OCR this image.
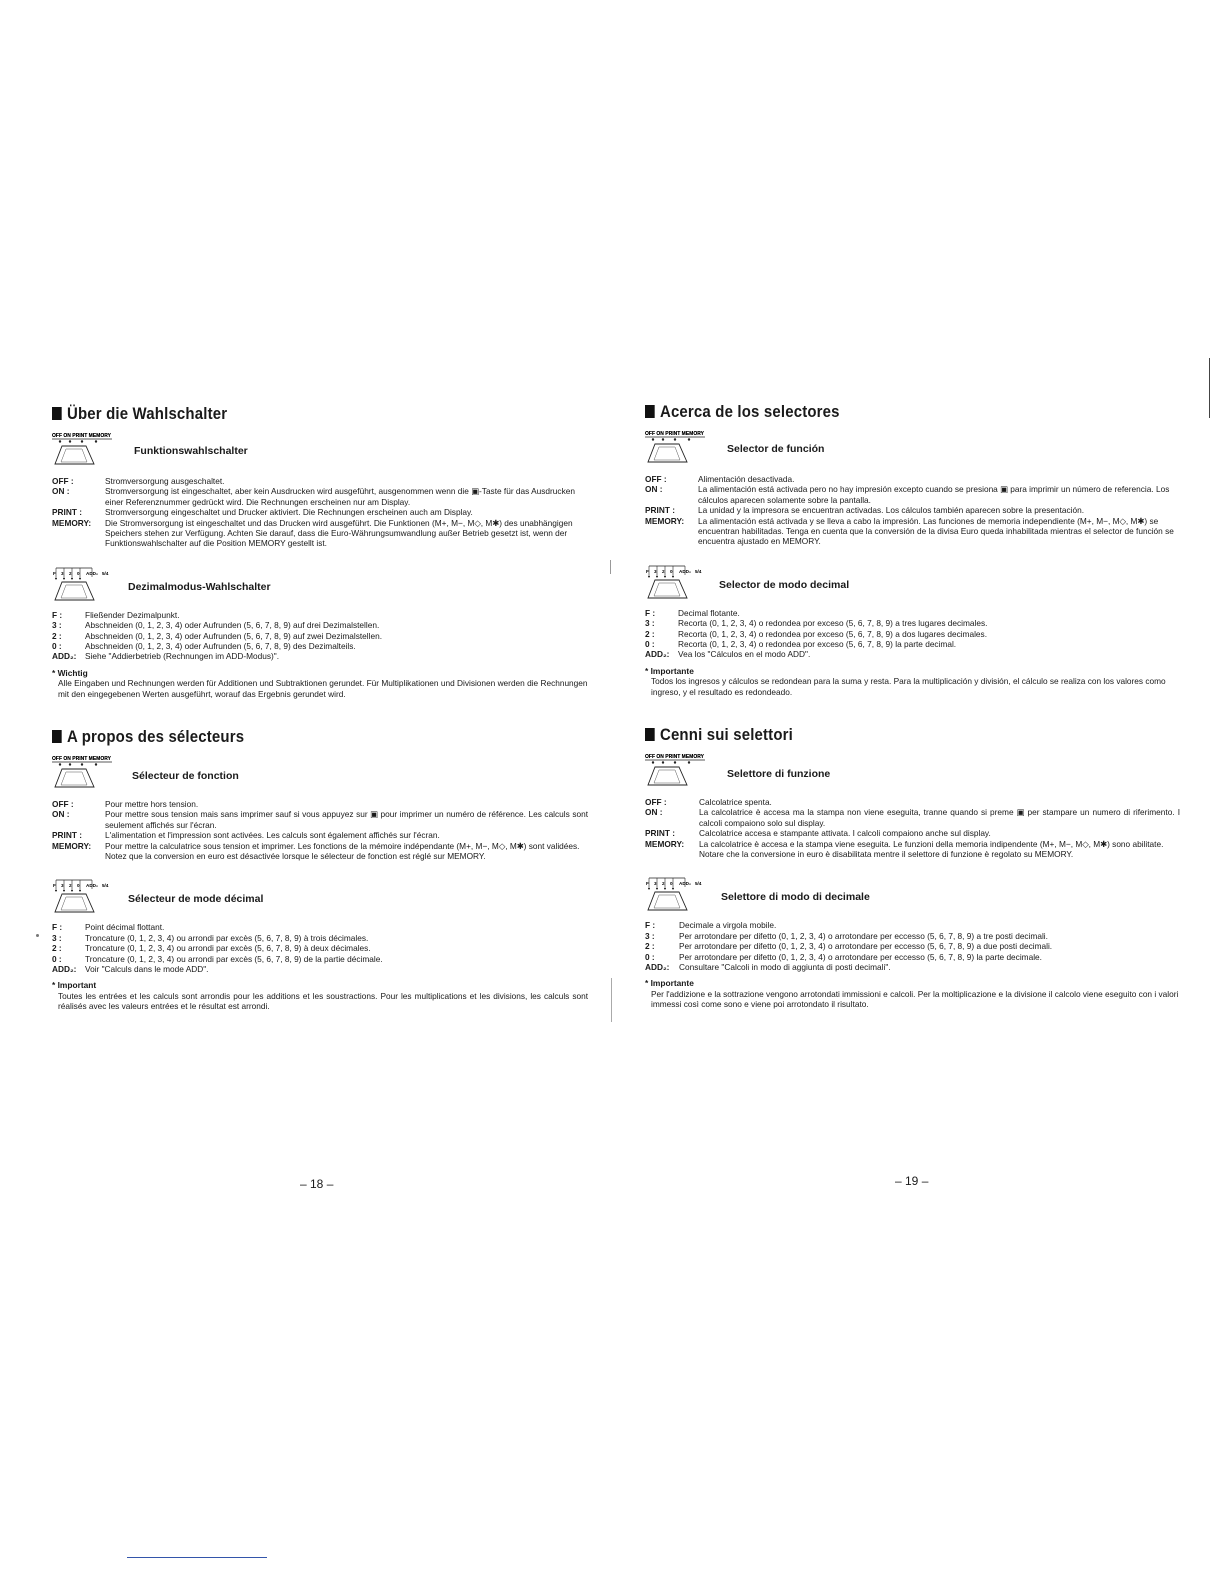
Über die Wahlschalter
OFF ON PRINT MEMORY
Funktionswahlschalter
OFF :	Stromversorgung ausgeschaltet.
ON :	Stromversorgung ist eingeschaltet, aber kein Ausdrucken wird ausgeführt, ausgenommen wenn die ▣-Taste für das Ausdrucken einer Referenznummer gedrückt wird. Die Rechnungen erscheinen nur am Display.
PRINT :	Stromversorgung eingeschaltet und Drucker aktiviert. Die Rechnungen erscheinen auch am Display.
MEMORY:	Die Stromversorgung ist eingeschaltet und das Drucken wird ausgeführt. Die Funktionen (M+, M−, M◇, M✱) des unabhängigen Speichers stehen zur Verfügung. Achten Sie darauf, dass die Euro-Währungsumwandlung außer Betrieb gesetzt ist, wenn der Funktionswahlschalter auf die Position MEMORY gestellt ist.
F 3 2 0 ADD₂ 5/4
Dezimalmodus-Wahlschalter
F :	Fließender Dezimalpunkt.
3 :	Abschneiden (0, 1, 2, 3, 4) oder Aufrunden (5, 6, 7, 8, 9) auf drei Dezimalstellen.
2 :	Abschneiden (0, 1, 2, 3, 4) oder Aufrunden (5, 6, 7, 8, 9) auf zwei Dezimalstellen.
0 :	Abschneiden (0, 1, 2, 3, 4) oder Aufrunden (5, 6, 7, 8, 9) des Dezimalteils.
ADD₂:	Siehe "Addierbetrieb (Rechnungen im ADD-Modus)".
* Wichtig
Alle Eingaben und Rechnungen werden für Additionen und Subtraktionen gerundet. Für Multiplikationen und Divisionen werden die Rechnungen mit den eingegebenen Werten ausgeführt, worauf das Ergebnis gerundet wird.
Acerca de los selectores
OFF ON PRINT MEMORY
Selector de función
OFF :	Alimentación desactivada.
ON :	La alimentación está activada pero no hay impresión excepto cuando se presiona ▣ para imprimir un número de referencia. Los cálculos aparecen solamente sobre la pantalla.
PRINT :	La unidad y la impresora se encuentran activadas. Los cálculos también aparecen sobre la presentación.
MEMORY:	La alimentación está activada y se lleva a cabo la impresión. Las funciones de memoria independiente (M+, M−, M◇, M✱) se encuentran habilitadas. Tenga en cuenta que la conversión de la divisa Euro queda inhabilitada mientras el selector de función se encuentra ajustado en MEMORY.
F 3 2 0 ADD₂ 5/4
Selector de modo decimal
F :	Decimal flotante.
3 :	Recorta (0, 1, 2, 3, 4) o redondea por exceso (5, 6, 7, 8, 9) a tres lugares decimales.
2 :	Recorta (0, 1, 2, 3, 4) o redondea por exceso (5, 6, 7, 8, 9) a dos lugares decimales.
0 :	Recorta (0, 1, 2, 3, 4) o redondea por exceso (5, 6, 7, 8, 9) la parte decimal.
ADD₂:	Vea los "Cálculos en el modo ADD".
* Importante
Todos los ingresos y cálculos se redondean para la suma y resta. Para la multiplicación y división, el cálculo se realiza con los valores como ingreso, y el resultado es redondeado.
A propos des sélecteurs
OFF ON PRINT MEMORY
Sélecteur de fonction
OFF :	Pour mettre hors tension.
ON :	Pour mettre sous tension mais sans imprimer sauf si vous appuyez sur ▣ pour imprimer un numéro de référence. Les calculs sont seulement affichés sur l'écran.
PRINT :	L'alimentation et l'impression sont activées. Les calculs sont également affichés sur l'écran.
MEMORY:	Pour mettre la calculatrice sous tension et imprimer. Les fonctions de la mémoire indépendante (M+, M−, M◇, M✱) sont validées. Notez que la conversion en euro est désactivée lorsque le sélecteur de fonction est réglé sur MEMORY.
F 3 2 0 ADD₂ 5/4
Sélecteur de mode décimal
F :	Point décimal flottant.
3 :	Troncature (0, 1, 2, 3, 4) ou arrondi par excès (5, 6, 7, 8, 9) à trois décimales.
2 :	Troncature (0, 1, 2, 3, 4) ou arrondi par excès (5, 6, 7, 8, 9) à deux décimales.
0 :	Troncature (0, 1, 2, 3, 4) ou arrondi par excès (5, 6, 7, 8, 9) de la partie décimale.
ADD₂:	Voir "Calculs dans le mode ADD".
* Important
Toutes les entrées et les calculs sont arrondis pour les additions et les soustractions. Pour les multiplications et les divisions, les calculs sont réalisés avec les valeurs entrées et le résultat est arrondi.
Cenni sui selettori
OFF ON PRINT MEMORY
Selettore di funzione
OFF :	Calcolatrice spenta.
ON :	La calcolatrice è accesa ma la stampa non viene eseguita, tranne quando si preme ▣ per stampare un numero di riferimento. I calcoli compaiono solo sul display.
PRINT :	Calcolatrice accesa e stampante attivata. I calcoli compaiono anche sul display.
MEMORY:	La calcolatrice è accesa e la stampa viene eseguita. Le funzioni della memoria indipendente (M+, M−, M◇, M✱) sono abilitate. Notare che la conversione in euro è disabilitata mentre il selettore di funzione è regolato su MEMORY.
F 3 2 0 ADD₂ 5/4
Selettore di modo di decimale
F :	Decimale a virgola mobile.
3 :	Per arrotondare per difetto (0, 1, 2, 3, 4) o arrotondare per eccesso (5, 6, 7, 8, 9) a tre posti decimali.
2 :	Per arrotondare per difetto (0, 1, 2, 3, 4) o arrotondare per eccesso (5, 6, 7, 8, 9) a due posti decimali.
0 :	Per arrotondare per difetto (0, 1, 2, 3, 4) o arrotondare per eccesso (5, 6, 7, 8, 9) la parte decimale.
ADD₂:	Consultare "Calcoli in modo di aggiunta di posti decimali".
* Importante
Per l'addizione e la sottrazione vengono arrotondati immissioni e calcoli. Per la moltiplicazione e la divisione il calcolo viene eseguito con i valori immessi così come sono e viene poi arrotondato il risultato.
– 18 –	– 19 –
